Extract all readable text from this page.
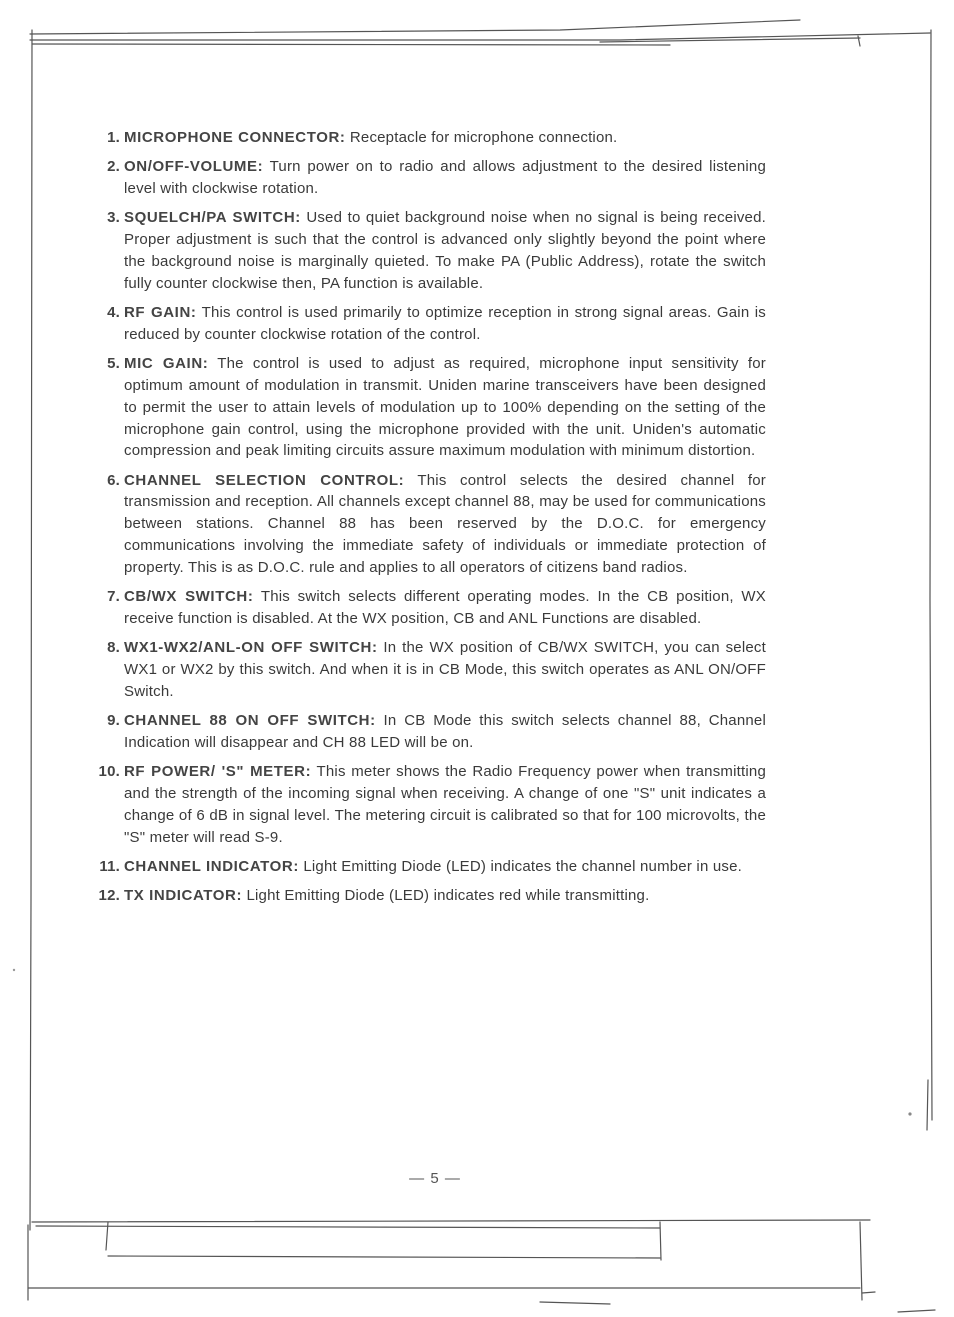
1. MICROPHONE CONNECTOR: Receptacle for microphone connection.
2. ON/OFF-VOLUME: Turn power on to radio and allows adjustment to the desired listening level with clockwise rotation.
3. SQUELCH/PA SWITCH: Used to quiet background noise when no signal is being received. Proper adjustment is such that the control is advanced only slightly beyond the point where the background noise is marginally quieted. To make PA (Public Address), rotate the switch fully counter clockwise then, PA function is available.
4. RF GAIN: This control is used primarily to optimize reception in strong signal areas. Gain is reduced by counter clockwise rotation of the control.
5. MIC GAIN: The control is used to adjust as required, microphone input sensitivity for optimum amount of modulation in transmit. Uniden marine transceivers have been designed to permit the user to attain levels of modulation up to 100% depending on the setting of the microphone gain control, using the microphone provided with the unit. Uniden's automatic compression and peak limiting circuits assure maximum modulation with minimum distortion.
6. CHANNEL SELECTION CONTROL: This control selects the desired channel for transmission and reception. All channels except channel 88, may be used for communications between stations. Channel 88 has been reserved by the D.O.C. for emergency communications involving the immediate safety of individuals or immediate protection of property. This is as D.O.C. rule and applies to all operators of citizens band radios.
7. CB/WX SWITCH: This switch selects different operating modes. In the CB position, WX receive function is disabled. At the WX position, CB and ANL Functions are disabled.
8. WX1-WX2/ANL-ON OFF SWITCH: In the WX position of CB/WX SWITCH, you can select WX1 or WX2 by this switch. And when it is in CB Mode, this switch operates as ANL ON/OFF Switch.
9. CHANNEL 88 ON OFF SWITCH: In CB Mode this switch selects channel 88, Channel Indication will disappear and CH 88 LED will be on.
10. RF POWER/ 'S" METER: This meter shows the Radio Frequency power when transmitting and the strength of the incoming signal when receiving. A change of one "S" unit indicates a change of 6 dB in signal level. The metering circuit is calibrated so that for 100 microvolts, the "S" meter will read S-9.
11. CHANNEL INDICATOR: Light Emitting Diode (LED) indicates the channel number in use.
12. TX INDICATOR: Light Emitting Diode (LED) indicates red while transmitting.
— 5 —
